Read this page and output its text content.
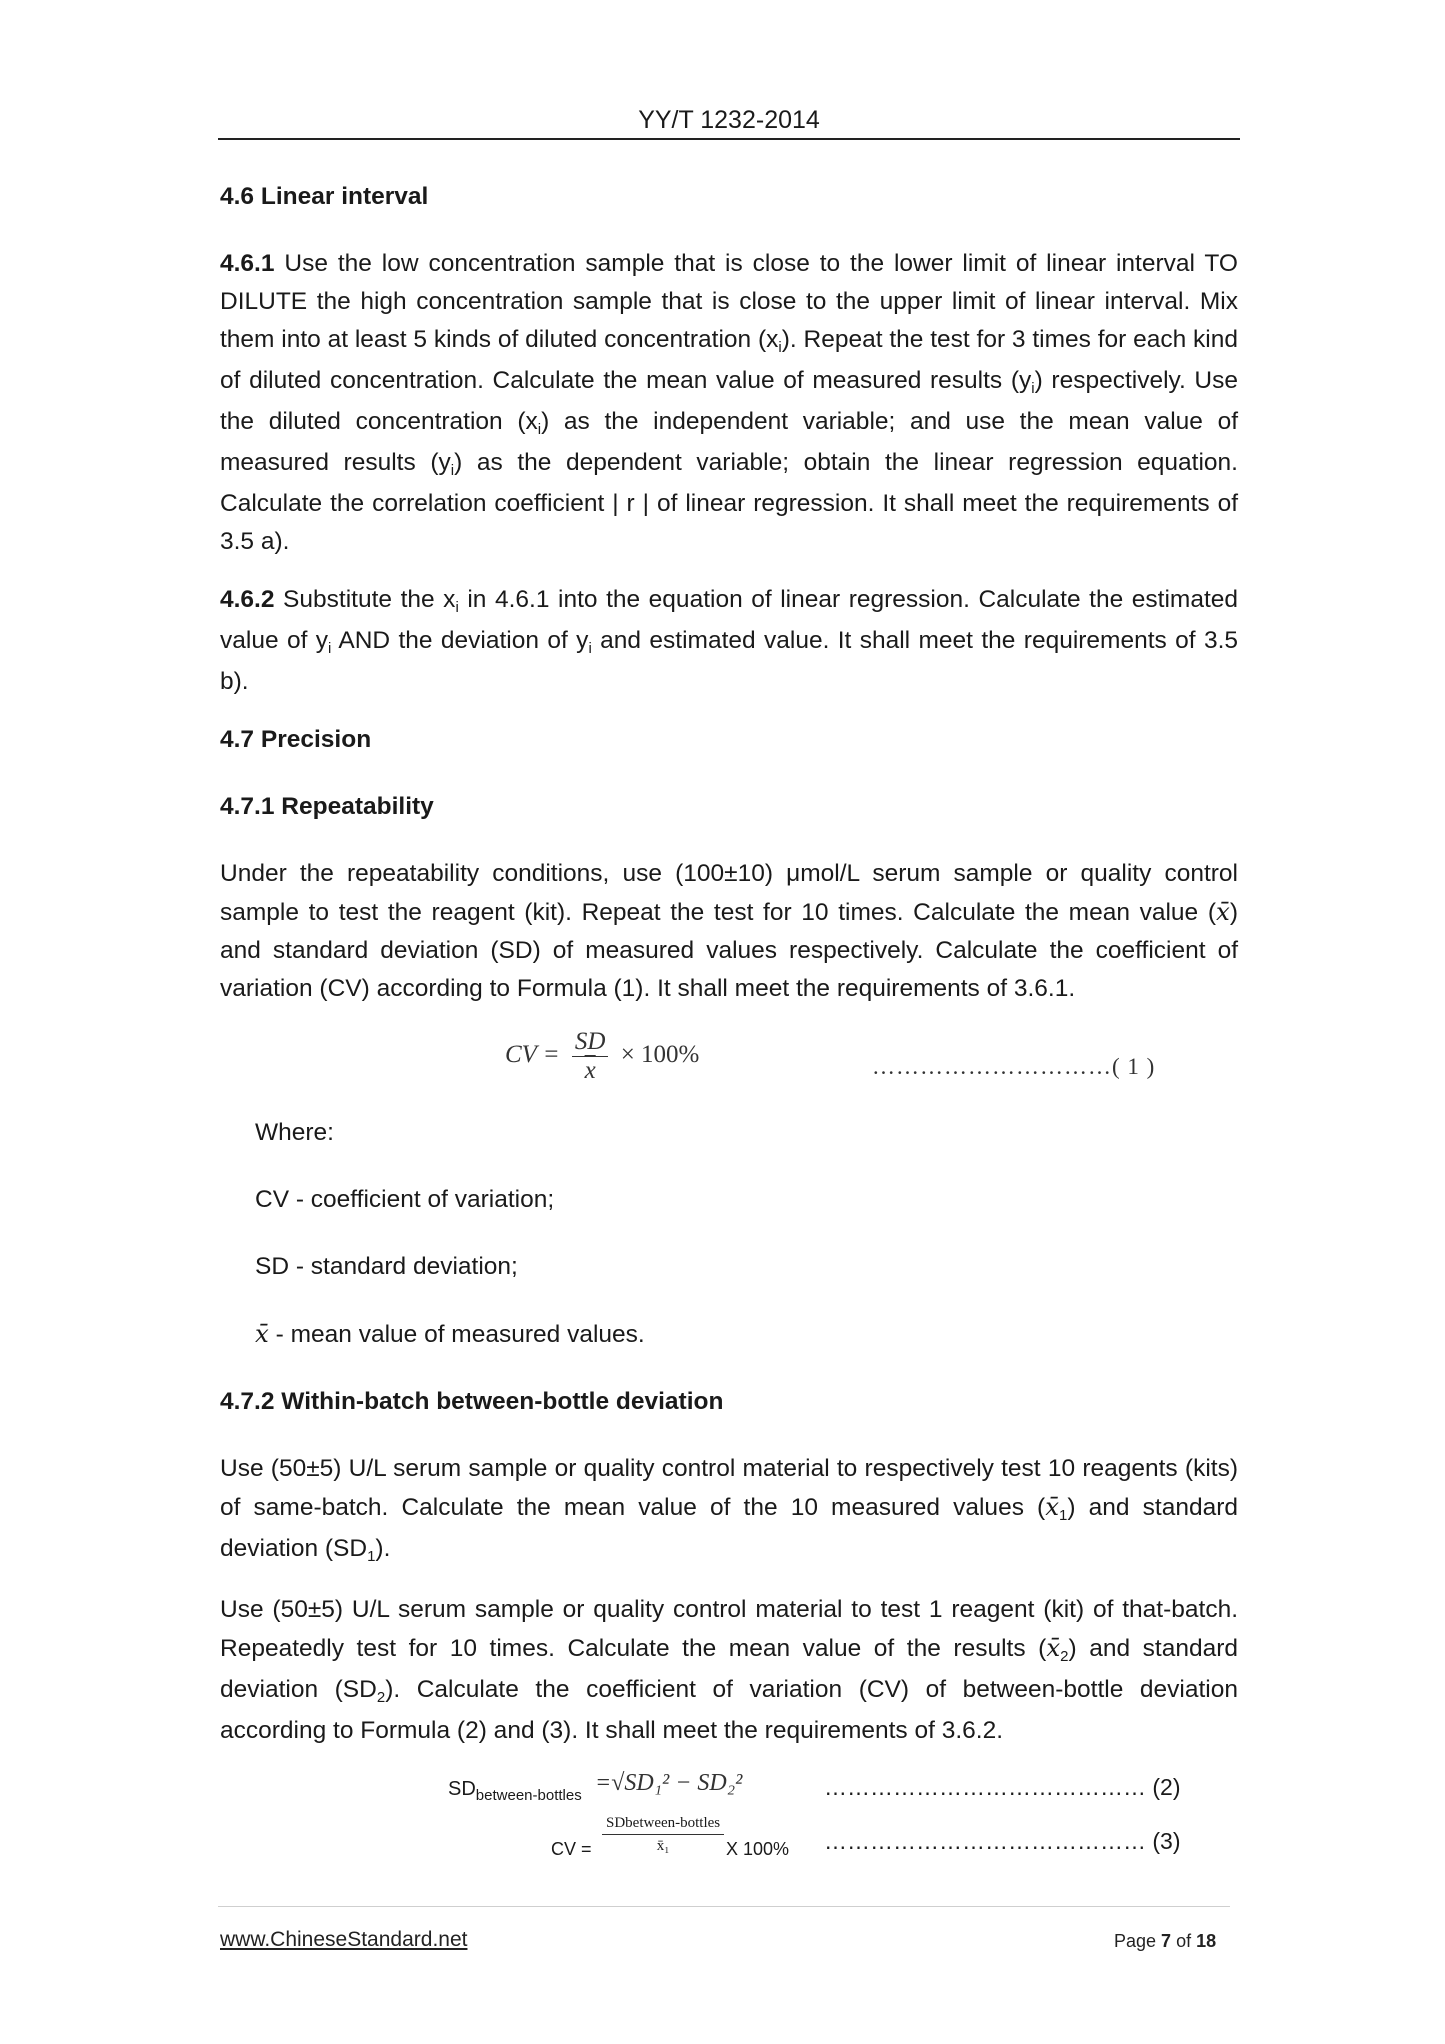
YY/T 1232-2014
4.6 Linear interval
4.6.1 Use the low concentration sample that is close to the lower limit of linear interval TO DILUTE the high concentration sample that is close to the upper limit of linear interval. Mix them into at least 5 kinds of diluted concentration $(x_i)$. Repeat the test for 3 times for each kind of diluted concentration. Calculate the mean value of measured results $(y_i)$ respectively. Use the diluted concentration $(x_i)$ as the independent variable; and use the mean value of measured results $(y_i)$ as the dependent variable; obtain the linear regression equation. Calculate the correlation coefficient | r | of linear regression. It shall meet the requirements of 3.5 a).
4.6.2 Substitute the $x_i$ in 4.6.1 into the equation of linear regression. Calculate the estimated value of $y_i$ AND the deviation of $y_i$ and estimated value. It shall meet the requirements of 3.5 b).
4.7 Precision
4.7.1 Repeatability
Under the repeatability conditions, use (100±10) μmol/L serum sample or quality control sample to test the reagent (kit). Repeat the test for 10 times. Calculate the mean value (x̄) and standard deviation (SD) of measured values respectively. Calculate the coefficient of variation (CV) according to Formula (1). It shall meet the requirements of 3.6.1.
CV = $\frac{SD}{x} \times 100\%$	…………………………( 1 )
Where:
CV - coefficient of variation;
SD - standard deviation;
x̄ - mean value of measured values.
4.7.2 Within-batch between-bottle deviation
Use (50±5) U/L serum sample or quality control material to respectively test 10 reagents (kits) of same-batch. Calculate the mean value of the 10 measured values $(x̄_1)$ and standard deviation $(SD_1)$.
Use (50±5) U/L serum sample or quality control material to test 1 reagent (kit) of that-batch. Repeatedly test for 10 times. Calculate the mean value of the results $(x̄_2)$ and standard deviation $(SD_2)$. Calculate the coefficient of variation (CV) of between-bottle deviation according to Formula (2) and (3). It shall meet the requirements of 3.6.2.
$SD_{between-bottles} =√SD_1^2 - SD_2^2$	…………………………………… (2)
CV =
SDbetween-bottles
x̄₁	X 100% …………………………………… (3)
www.ChineseStandard.net	Page 7 of 18
